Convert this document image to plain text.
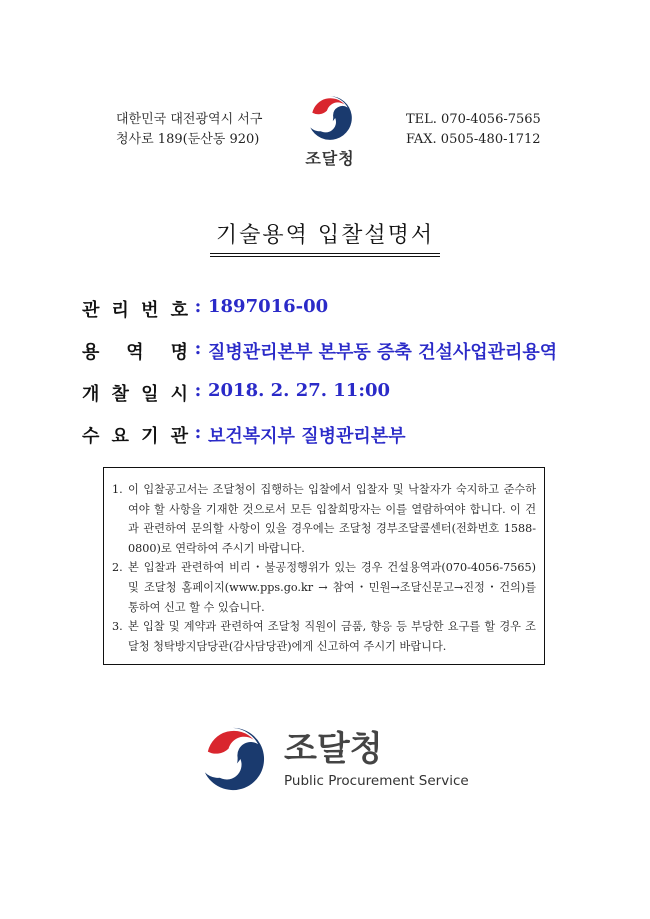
대한민국 대전광역시 서구
청사로 189(둔산동 920)
조달청
TEL. 070-4056-7565
FAX. 0505-480-1712
기술용역 입찰설명서
관 리 번 호 : 1897016-00
용 역 명 : 질병관리본부 본부동 증축 건설사업관리용역
개 찰 일 시 : 2018. 2. 27. 11:00
수 요 기 관 : 보건복지부 질병관리본부
1. 이 입찰공고서는 조달청이 집행하는 입찰에서 입찰자 및 낙찰자가 숙지하고 준수하여야 할 사항을 기재한 것으로서 모든 입찰희망자는 이를 열람하여야 합니다. 이 건과 관련하여 문의할 사항이 있을 경우에는 조달청 경부조달콜센터(전화번호 1588-0800)로 연락하여 주시기 바랍니다.
2. 본 입찰과 관련하여 비리・불공정행위가 있는 경우 건설용역과(070-4056-7565) 및 조달청 홈페이지(www.pps.go.kr → 참여・민원→조달신문고→진정・건의)를 통하여 신고 할 수 있습니다.
3. 본 입찰 및 계약과 관련하여 조달청 직원이 금품, 향응 등 부당한 요구를 할 경우 조달청 청탁방지담당관(감사담당관)에게 신고하여 주시기 바랍니다.
조달청
Public Procurement Service
